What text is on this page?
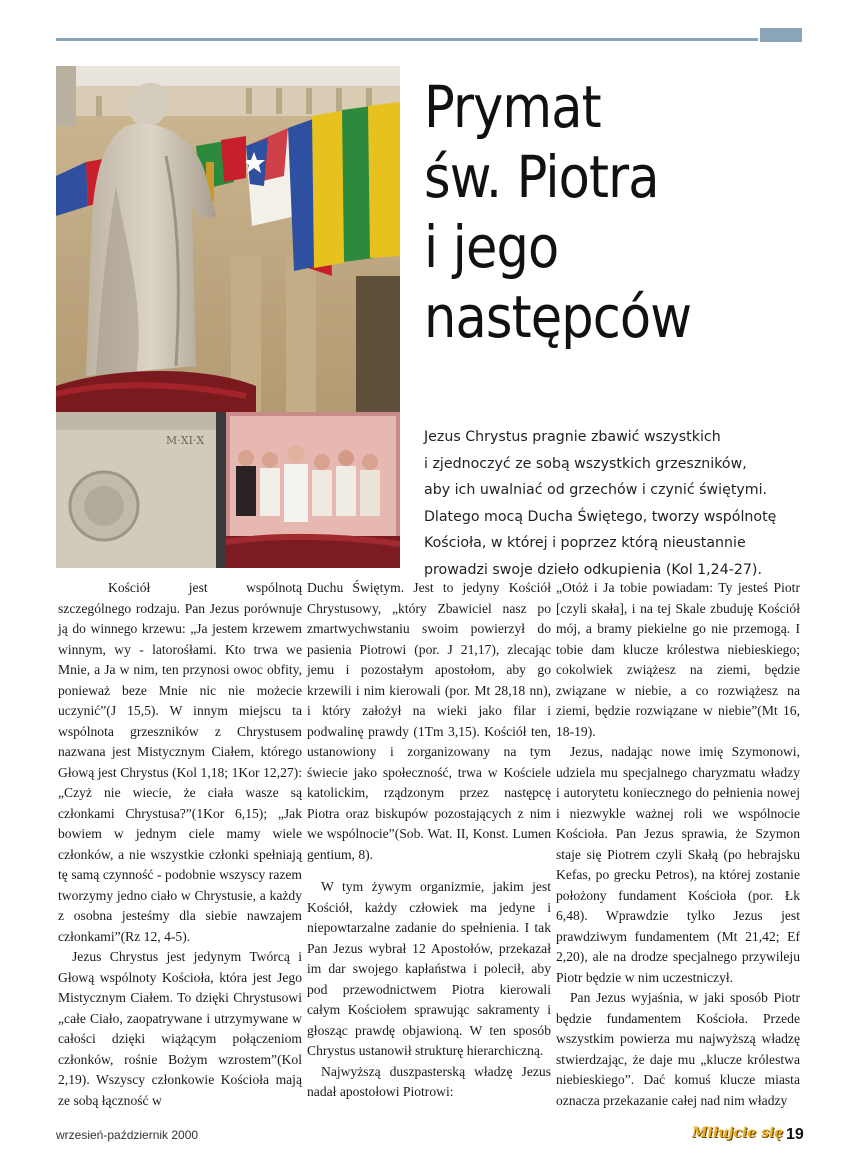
M·XI·X
Prymat
św. Piotra
i jego
następców
Jezus Chrystus pragnie zbawić wszystkich
i zjednoczyć ze sobą wszystkich grzeszników,
aby ich uwalniać od grzechów i czynić świętymi.
Dlatego mocą Ducha Świętego, tworzy wspólnotę
Kościoła, w której i poprzez którą nieustannie
prowadzi swoje dzieło odkupienia (Kol 1,24-27).

Kościół jest wspólnotą szczególnego rodzaju. Pan Jezus porównuje ją do winnego krzewu: „Ja jestem krzewem winnym, wy - latorośłami. Kto trwa we Mnie, a Ja w nim, ten przynosi owoc obfity, ponieważ beze Mnie nic nie możecie uczynić”(J 15,5). W innym miejscu ta wspólnota grzeszników z Chrystusem nazwana jest Mistycznym Ciałem, którego Głową jest Chrystus (Kol 1,18; 1Kor 12,27): „Czyż nie wiecie, że ciała wasze są członkami Chrystusa?”(1Kor 6,15); „Jak bowiem w jednym ciele mamy wiele członków, a nie wszystkie członki spełniają tę samą czynność - podobnie wszyscy razem tworzymy jedno ciało w Chrystusie, a każdy z osobna jesteśmy dla siebie nawzajem członkami”(Rz 12, 4-5).

Jezus Chrystus jest jedynym Twórcą i Głową wspólnoty Kościoła, która jest Jego Mistycznym Ciałem. To dzięki Chrystusowi „całe Ciało, zaopatrywane i utrzymywane w całości dzięki wiążącym połączeniom członków, rośnie Bożym wzrostem”(Kol 2,19). Wszyscy członkowie Kościoła mają ze sobą łączność w

Duchu Świętym. Jest to jedyny Kościół Chrystusowy, „który Zbawiciel nasz po zmartwychwstaniu swoim powierzył do pasienia Piotrowi (por. J 21,17), zlecając jemu i pozostałym apostołom, aby go krzewili i nim kierowali (por. Mt 28,18 nn), i który założył na wieki jako filar i podwalinę prawdy (1Tm 3,15). Kościół ten, ustanowiony i zorganizowany na tym świecie jako społeczność, trwa w Kościele katolickim, rządzonym przez następcę Piotra oraz biskupów pozostających z nim we wspólnocie”(Sob. Wat. II, Konst. Lumen gentium, 8).

W tym żywym organizmie, jakim jest Kościół, każdy człowiek ma jedyne i niepowtarzalne zadanie do spełnienia. I tak Pan Jezus wybrał 12 Apostołów, przekazał im dar swojego kapłaństwa i polecił, aby pod przewodnictwem Piotra kierowali całym Kościołem sprawując sakramenty i głosząc prawdę objawioną. W ten sposób Chrystus ustanowił strukturę hierarchiczną.

Najwyższą duszpasterską władzę Jezus nadał apostołowi Piotrowi:

„Otóż i Ja tobie powiadam: Ty jesteś Piotr [czyli skała], i na tej Skale zbuduję Kościół mój, a bramy piekielne go nie przemogą. I tobie dam klucze królestwa niebieskiego; cokolwiek zwiążesz na ziemi, będzie związane w niebie, a co rozwiążesz na ziemi, będzie rozwiązane w niebie”(Mt 16, 18-19).

Jezus, nadając nowe imię Szymonowi, udziela mu specjalnego charyzmatu władzy i autorytetu koniecznego do pełnienia nowej i niezwykle ważnej roli we wspólnocie Kościoła. Pan Jezus sprawia, że Szymon staje się Piotrem czyli Skałą (po hebrajsku Kefas, po grecku Petros), na której zostanie położony fundament Kościoła (por. Łk 6,48). Wprawdzie tylko Jezus jest prawdziwym fundamentem (Mt 21,42; Ef 2,20), ale na drodze specjalnego przywileju Piotr będzie w nim uczestniczył.

Pan Jezus wyjaśnia, w jaki sposób Piotr będzie fundamentem Kościoła. Przede wszystkim powierza mu najwyższą władzę stwierdzając, że daje mu „klucze królestwa niebieskiego”. Dać komuś klucze miasta oznacza przekazanie całej nad nim władzy

wrzesień-październik 2000	Miłujcie się 19
